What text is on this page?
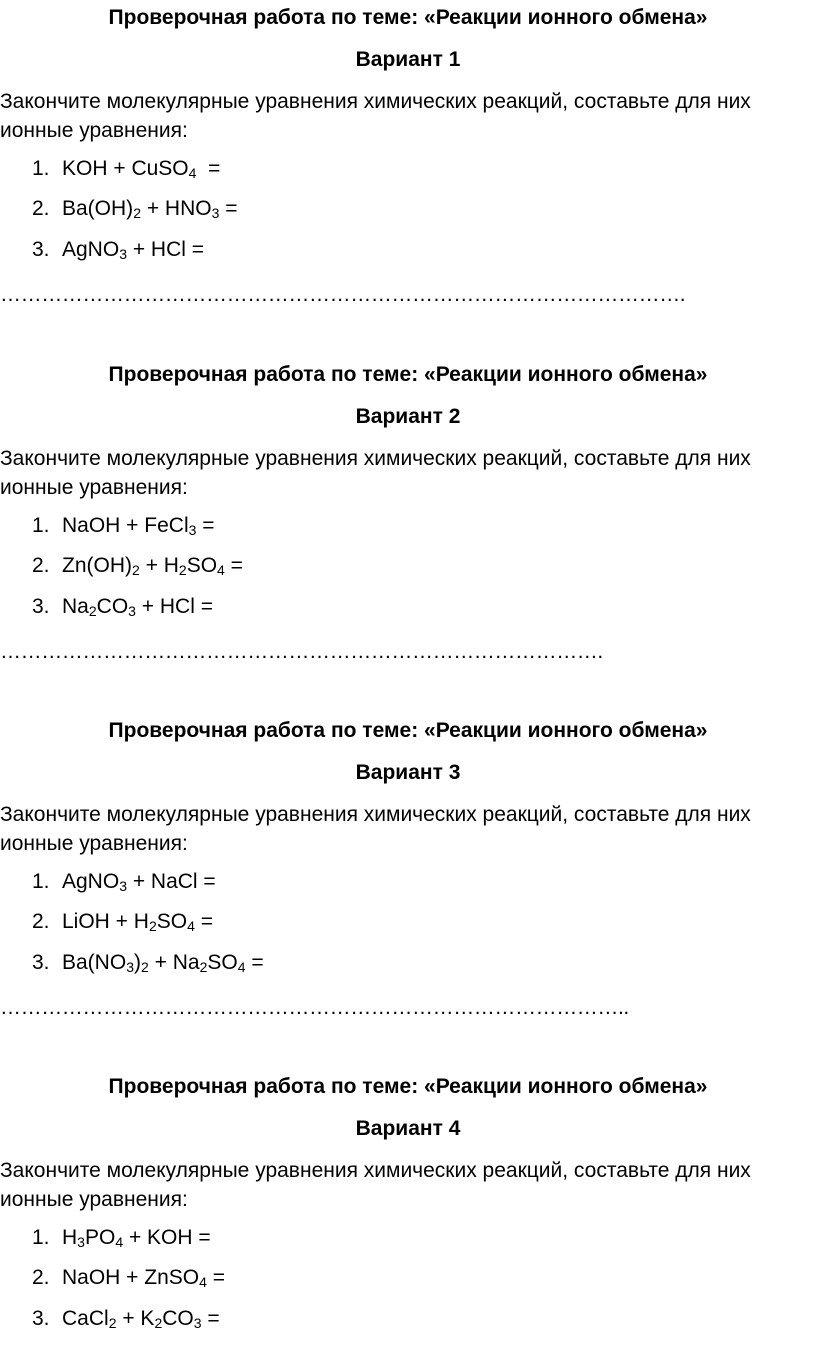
Проверочная работа по теме: «Реакции ионного обмена»
Вариант 1
Закончите молекулярные уравнения химических реакций, составьте для них ионные уравнения:
1. KOH + CuSO$_4$  =
2. $Ba(OH)_2 + HNO_3$ =
3. AgNO$_3$ + HCl =
……………………………………………………………………………………….
Проверочная работа по теме: «Реакции ионного обмена»
Вариант 2
Закончите молекулярные уравнения химических реакций, составьте для них ионные уравнения:
1. NaOH + FeCl$_3$ =
2. $Zn(OH)_2 + H_2SO_4$ =
3. $Na_2CO_3$ + HCl =
…………………………………………………………………………….
Проверочная работа по теме: «Реакции ионного обмена»
Вариант 3
Закончите молекулярные уравнения химических реакций, составьте для них ионные уравнения:
1. AgNO$_3$ + NaCl =
2. LiOH + $H_2SO_4$ =
3. $Ba(NO_3)_2 + Na_2SO_4$ =
………………………………………………………………………………..
Проверочная работа по теме: «Реакции ионного обмена»
Вариант 4
Закончите молекулярные уравнения химических реакций, составьте для них ионные уравнения:
1. $H_3PO_4$ + KOH =
2. NaOH + ZnSO$_4$ =
3. CaCl$_2$ + $K_2CO_3$ =
